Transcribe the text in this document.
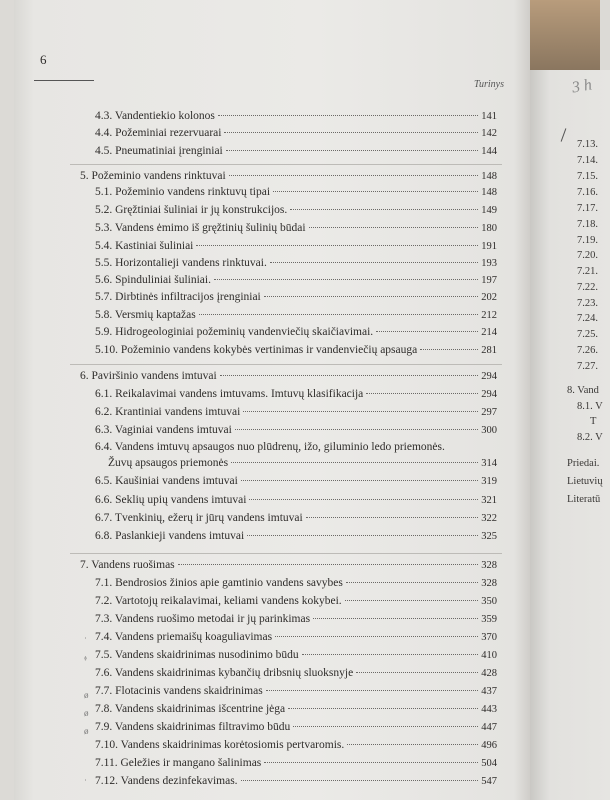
6
Turinys
4.3. Vandentiekio kolonos	141
4.4. Požeminiai rezervuarai	142
4.5. Pneumatiniai įrenginiai	144
5. Požeminio vandens rinktuvai	148
5.1. Požeminio vandens rinktuvų tipai	148
5.2. Gręžtiniai šuliniai ir jų konstrukcijos.	149
5.3. Vandens ėmimo iš gręžtinių šulinių būdai	180
5.4. Kastiniai šuliniai	191
5.5. Horizontalieji vandens rinktuvai.	193
5.6. Spinduliniai šuliniai.	197
5.7. Dirbtinės infiltracijos įrenginiai	202
5.8. Versmių kaptažas	212
5.9. Hidrogeologiniai požeminių vandenviečių skaičiavimai.	214
5.10. Požeminio vandens kokybės vertinimas ir vandenviečių apsauga	281
6. Paviršinio vandens imtuvai	294
6.1. Reikalavimai vandens imtuvams. Imtuvų klasifikacija	294
6.2. Krantiniai vandens imtuvai	297
6.3. Vaginiai vandens imtuvai	300
6.4. Vandens imtuvų apsaugos nuo plūdrenų, ižo, giluminio ledo priemonės.
Žuvų apsaugos priemonės	314
6.5. Kaušiniai vandens imtuvai	319
6.6. Seklių upių vandens imtuvai	321
6.7. Tvenkinių, ežerų ir jūrų vandens imtuvai	322
6.8. Paslankieji vandens imtuvai	325
7. Vandens ruošimas	328
7.1. Bendrosios žinios apie gamtinio vandens savybes	328
7.2. Vartotojų reikalavimai, keliami vandens kokybei.	350
7.3. Vandens ruošimo metodai ir jų parinkimas	359
7.4. Vandens priemaišų koaguliavimas	370
7.5. Vandens skaidrinimas nusodinimo būdu	410
7.6. Vandens skaidrinimas kybančių dribsnių sluoksnyje	428
7.7. Flotacinis vandens skaidrinimas	437
7.8. Vandens skaidrinimas išcentrine jėga	443
7.9. Vandens skaidrinimas filtravimo būdu	447
7.10. Vandens skaidrinimas korėtosiomis pertvaromis.	496
7.11. Geležies ir mangano šalinimas	504
7.12. Vandens dezinfekavimas.	547
7.13.
7.14.
7.15.
7.16.
7.17.
7.18.
7.19.
7.20.
7.21.
7.22.
7.23.
7.24.
7.25.
7.26.
7.27.
8. Vand
8.1. V
T
8.2. V
Priedai.
Lietuvių
Literatū
3 h
ʿ
ᶲ
ø
ø
ø
ʿ
